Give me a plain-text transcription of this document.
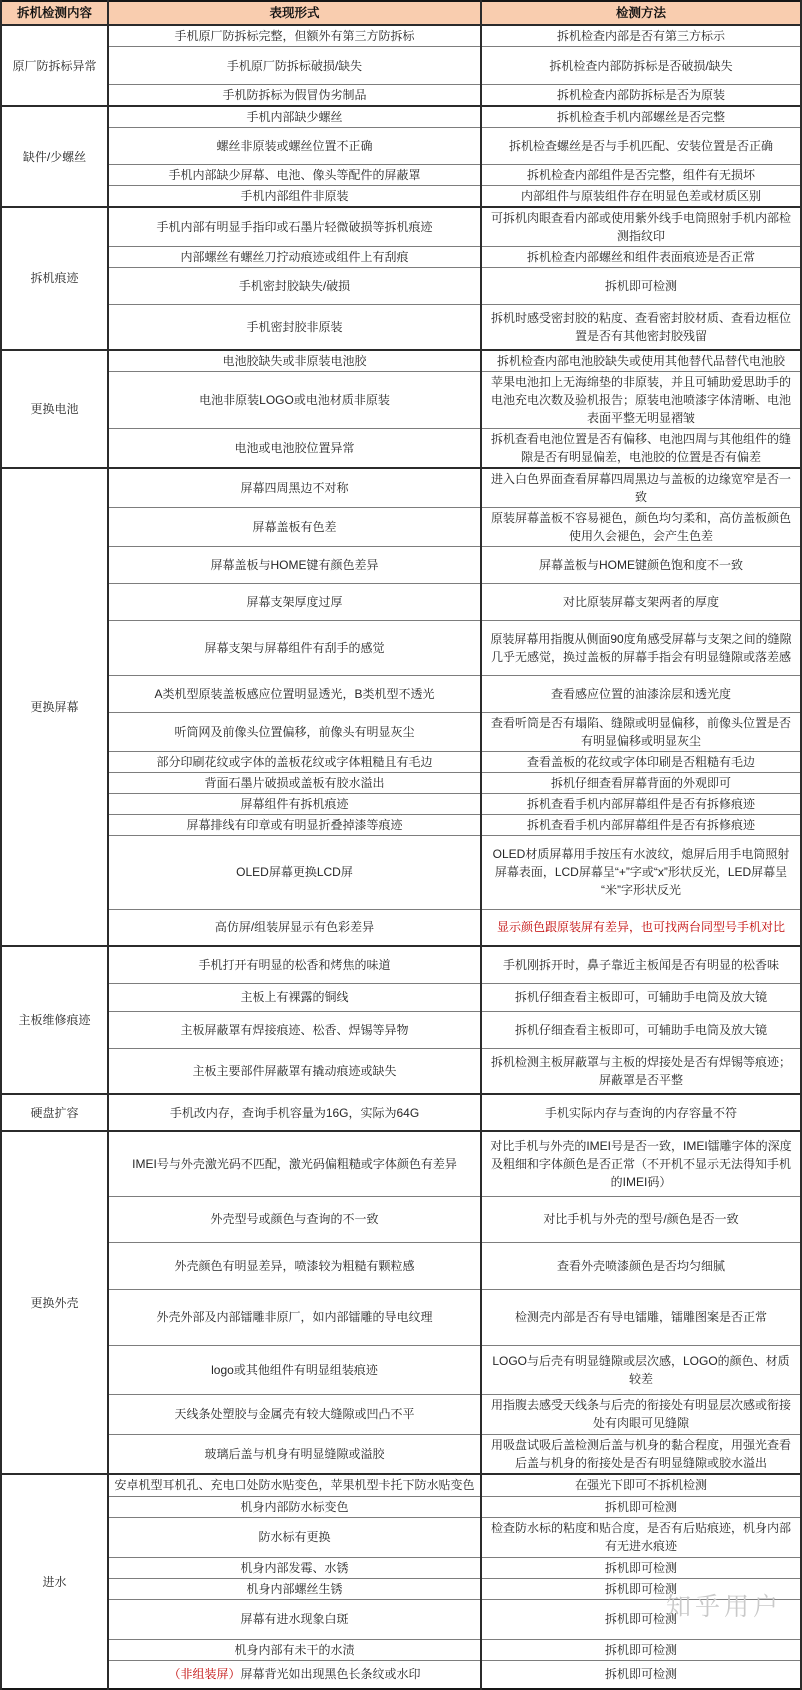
拆机检测内容	表现形式	检测方法
原厂防拆标异常	手机原厂防拆标完整，但额外有第三方防拆标	拆机检查内部是否有第三方标示
	手机原厂防拆标破损/缺失	拆机检查内部防拆标是否破损/缺失
	手机防拆标为假冒伪劣制品	拆机检查内部防拆标是否为原装
缺件/少螺丝	手机内部缺少螺丝	拆机检查手机内部螺丝是否完整
	螺丝非原装或螺丝位置不正确	拆机检查螺丝是否与手机匹配、安装位置是否正确
	手机内部缺少屏幕、电池、像头等配件的屏蔽罩	拆机检查内部组件是否完整，组件有无损坏
	手机内部组件非原装	内部组件与原装组件存在明显色差或材质区别
拆机痕迹	手机内部有明显手指印或石墨片轻微破损等拆机痕迹	可拆机肉眼查看内部或使用紫外线手电筒照射手机内部检测指纹印
	内部螺丝有螺丝刀拧动痕迹或组件上有刮痕	拆机检查内部螺丝和组件表面痕迹是否正常
	手机密封胶缺失/破损	拆机即可检测
	手机密封胶非原装	拆机时感受密封胶的粘度、查看密封胶材质、查看边框位置是否有其他密封胶残留
更换电池	电池胶缺失或非原装电池胶	拆机检查内部电池胶缺失或使用其他替代品替代电池胶
	电池非原装LOGO或电池材质非原装	苹果电池扣上无海绵垫的非原装，并且可辅助爱思助手的电池充电次数及验机报告；原装电池喷漆字体清晰、电池表面平整无明显褶皱
	电池或电池胶位置异常	拆机查看电池位置是否有偏移、电池四周与其他组件的缝隙是否有明显偏差，电池胶的位置是否有偏差
更换屏幕	屏幕四周黑边不对称	进入白色界面查看屏幕四周黑边与盖板的边缘宽窄是否一致
	屏幕盖板有色差	原装屏幕盖板不容易褪色，颜色均匀柔和，高仿盖板颜色使用久会褪色，会产生色差
	屏幕盖板与HOME键有颜色差异	屏幕盖板与HOME键颜色饱和度不一致
	屏幕支架厚度过厚	对比原装屏幕支架两者的厚度
	屏幕支架与屏幕组件有刮手的感觉	原装屏幕用指腹从侧面90度角感受屏幕与支架之间的缝隙几乎无感觉，换过盖板的屏幕手指会有明显缝隙或落差感
	A类机型原装盖板感应位置明显透光，B类机型不透光	查看感应位置的油漆涂层和透光度
	听筒网及前像头位置偏移，前像头有明显灰尘	查看听筒是否有塌陷、缝隙或明显偏移，前像头位置是否有明显偏移或明显灰尘
	部分印刷花纹或字体的盖板花纹或字体粗糙且有毛边	查看盖板的花纹或字体印刷是否粗糙有毛边
	背面石墨片破损或盖板有胶水溢出	拆机仔细查看屏幕背面的外观即可
	屏幕组件有拆机痕迹	拆机查看手机内部屏幕组件是否有拆修痕迹
	屏幕排线有印章或有明显折叠掉漆等痕迹	拆机查看手机内部屏幕组件是否有拆修痕迹
	OLED屏幕更换LCD屏	OLED材质屏幕用手按压有水波纹，熄屏后用手电筒照射屏幕表面，LCD屏幕呈“+”字或“x”形状反光，LED屏幕呈“米”字形状反光
	高仿屏/组装屏显示有色彩差异	显示颜色跟原装屏有差异，也可找两台同型号手机对比
主板维修痕迹	手机打开有明显的松香和烤焦的味道	手机刚拆开时，鼻子靠近主板闻是否有明显的松香味
	主板上有裸露的铜线	拆机仔细查看主板即可，可辅助手电筒及放大镜
	主板屏蔽罩有焊接痕迹、松香、焊锡等异物	拆机仔细查看主板即可，可辅助手电筒及放大镜
	主板主要部件屏蔽罩有撬动痕迹或缺失	拆机检测主板屏蔽罩与主板的焊接处是否有焊锡等痕迹；屏蔽罩是否平整
硬盘扩容	手机改内存，查询手机容量为16G，实际为64G	手机实际内存与查询的内存容量不符
更换外壳	IMEI号与外壳激光码不匹配，激光码偏粗糙或字体颜色有差异	对比手机与外壳的IMEI号是否一致，IMEI镭雕字体的深度及粗细和字体颜色是否正常（不开机不显示无法得知手机的IMEI码）
	外壳型号或颜色与查询的不一致	对比手机与外壳的型号/颜色是否一致
	外壳颜色有明显差异，喷漆较为粗糙有颗粒感	查看外壳喷漆颜色是否均匀细腻
	外壳外部及内部镭雕非原厂，如内部镭雕的导电纹理	检测壳内部是否有导电镭雕，镭雕图案是否正常
	logo或其他组件有明显组装痕迹	LOGO与后壳有明显缝隙或层次感，LOGO的颜色、材质较差
	天线条处塑胶与金属壳有较大缝隙或凹凸不平	用指腹去感受天线条与后壳的衔接处有明显层次感或衔接处有肉眼可见缝隙
	玻璃后盖与机身有明显缝隙或溢胶	用吸盘试吸后盖检测后盖与机身的黏合程度，用强光查看后盖与机身的衔接处是否有明显缝隙或胶水溢出
进水	安卓机型耳机孔、充电口处防水贴变色，苹果机型卡托下防水贴变色	在强光下即可不拆机检测
	机身内部防水标变色	拆机即可检测
	防水标有更换	检查防水标的粘度和贴合度，是否有后贴痕迹，机身内部有无进水痕迹
	机身内部发霉、水锈	拆机即可检测
	机身内部螺丝生锈	拆机即可检测
	屏幕有进水现象白斑	拆机即可检测
	机身内部有未干的水渍	拆机即可检测
	（非组装屏）屏幕背光如出现黑色长条纹或水印	拆机即可检测
知乎用户
